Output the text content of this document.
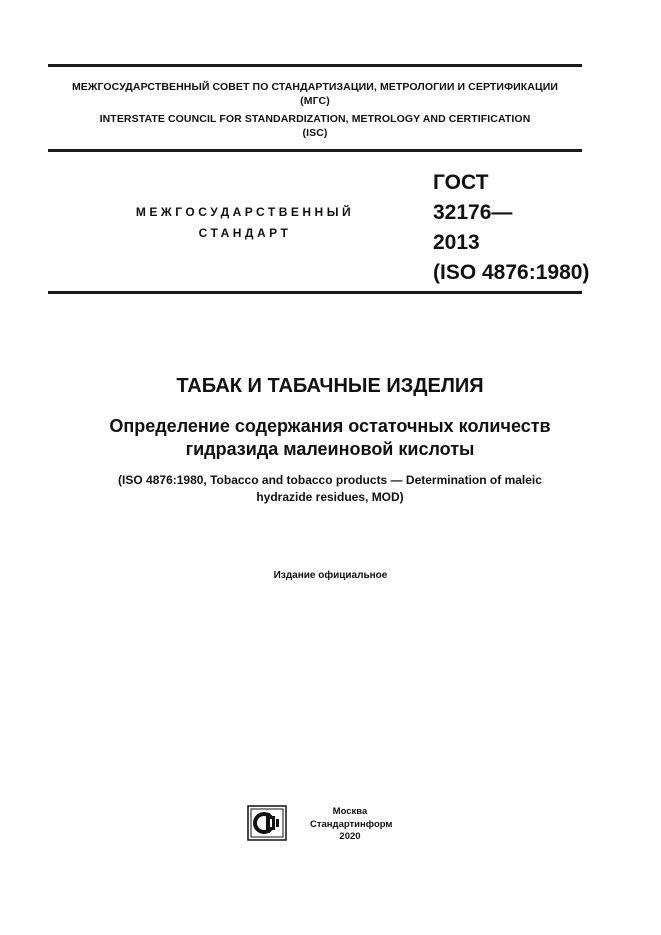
МЕЖГОСУДАРСТВЕННЫЙ СОВЕТ ПО СТАНДАРТИЗАЦИИ, МЕТРОЛОГИИ И СЕРТИФИКАЦИИ
(МГС)
INTERSTATE COUNCIL FOR STANDARDIZATION, METROLOGY AND CERTIFICATION
(ISC)
МЕЖГОСУДАРСТВЕННЫЙ
СТАНДАРТ
ГОСТ
32176—
2013
(ISO 4876:1980)
ТАБАК И ТАБАЧНЫЕ ИЗДЕЛИЯ
Определение содержания остаточных количеств
гидразида малеиновой кислоты
(ISO 4876:1980, Tobacco and tobacco products — Determination of maleic
hydrazide residues, MOD)
Издание официальное
Москва
Стандартинформ
2020
